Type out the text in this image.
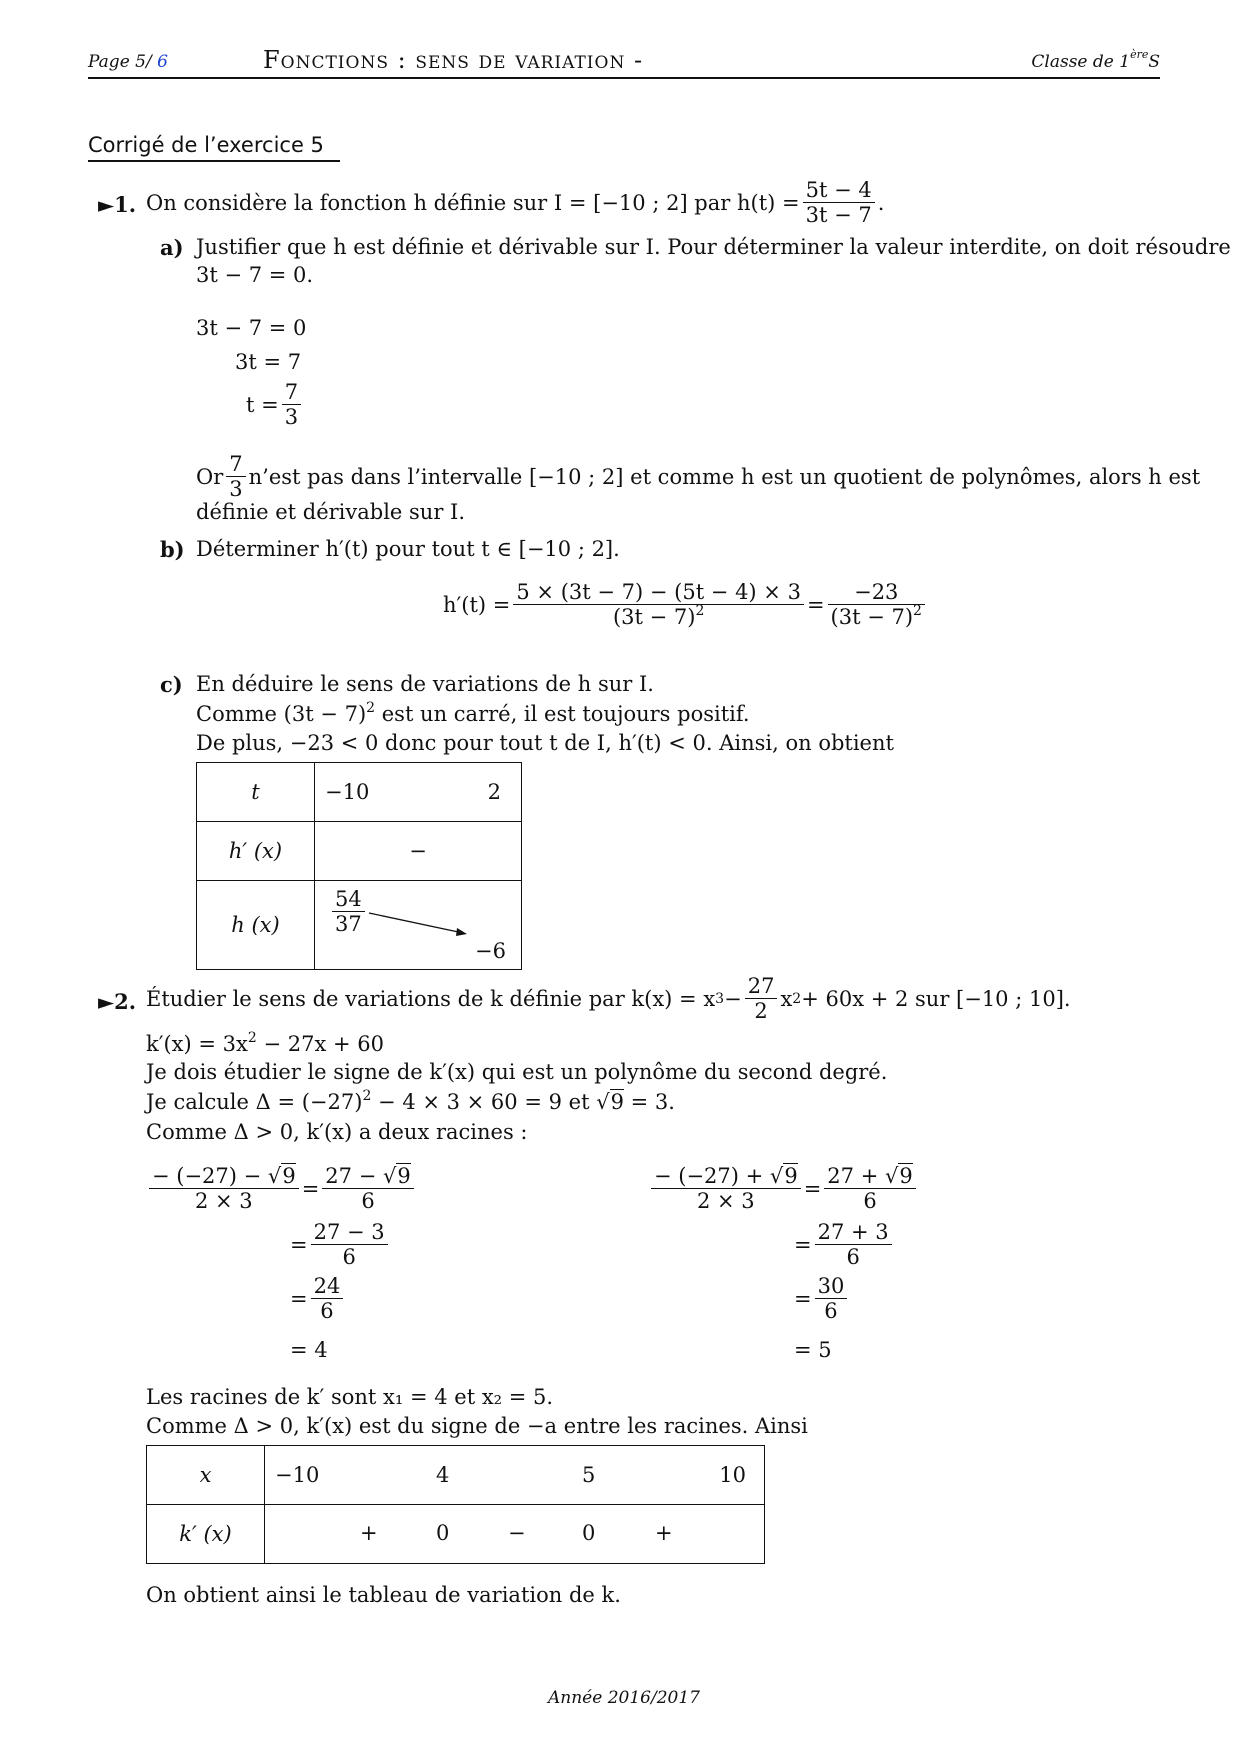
Page 5/ 6	Fonctions : sens de variation -	Classe de 1èreS
Corrigé de l’exercice 5
►1. On considère la fonction h définie sur I = [−10 ; 2] par $h(t) = \frac{5t - 4}{3t - 7}$ .
a) Justifier que h est définie et dérivable sur I. Pour déterminer la valeur interdite, on doit résoudre
3t − 7 = 0.
3t − 7 = 0
3t = 7
$t = \frac{7}{3}$
Or $\frac{7}{3}$ n’est pas dans l’intervalle [−10 ; 2] et comme h est un quotient de polynômes, alors h est
définie et dérivable sur I.
b) Déterminer h′(t) pour tout t ∈ [−10 ; 2].
$h'(t) = \frac{5 \times (3t - 7) - (5t - 4) \times 3}{(3t - 7)^2} = \frac{-23}{(3t - 7)^2}$
c) En déduire le sens de variations de h sur I.
Comme $(3t - 7)^2$ est un carré, il est toujours positif.
De plus, −23 < 0 donc pour tout t de I, h′(t) < 0. Ainsi, on obtient
t	−10 2

h′ (x)	−
h (x)	$\frac{54}{37}$
−6
►2. Étudier le sens de variations de k définie par k(x) = x $3 - \frac{27}{2}$ x 2 + 60x + 2 sur [−10 ; 10].
$k'(x) = 3x^2 - 27x + 60$
Je dois étudier le signe de k′(x) qui est un polynôme du second degré.
Je calcule $\Delta = (-27)^2 - 4 \times 3 \times 60 = 9$ et √9 = 3.
Comme Δ > 0, k′(x) a deux racines :
$\frac{- (-27) - √9}{2 \times 3} = \frac{27 - √9}{6}$
= $\frac{27 - 3}{6}$
= $\frac{24}{6}$
= 4
$\frac{- (-27) + √9}{2 \times 3} = \frac{27 + √9}{6}$
= $\frac{27 + 3}{6}$
= $\frac{30}{6}$
= 5
Les racines de k′ sont x₁ = 4 et x₂ = 5.
Comme Δ > 0, k′(x) est du signe de −a entre les racines. Ainsi
x	−10 4 5 10

k′ (x)	+ 0 − 0 +
On obtient ainsi le tableau de variation de k.
Année 2016/2017
